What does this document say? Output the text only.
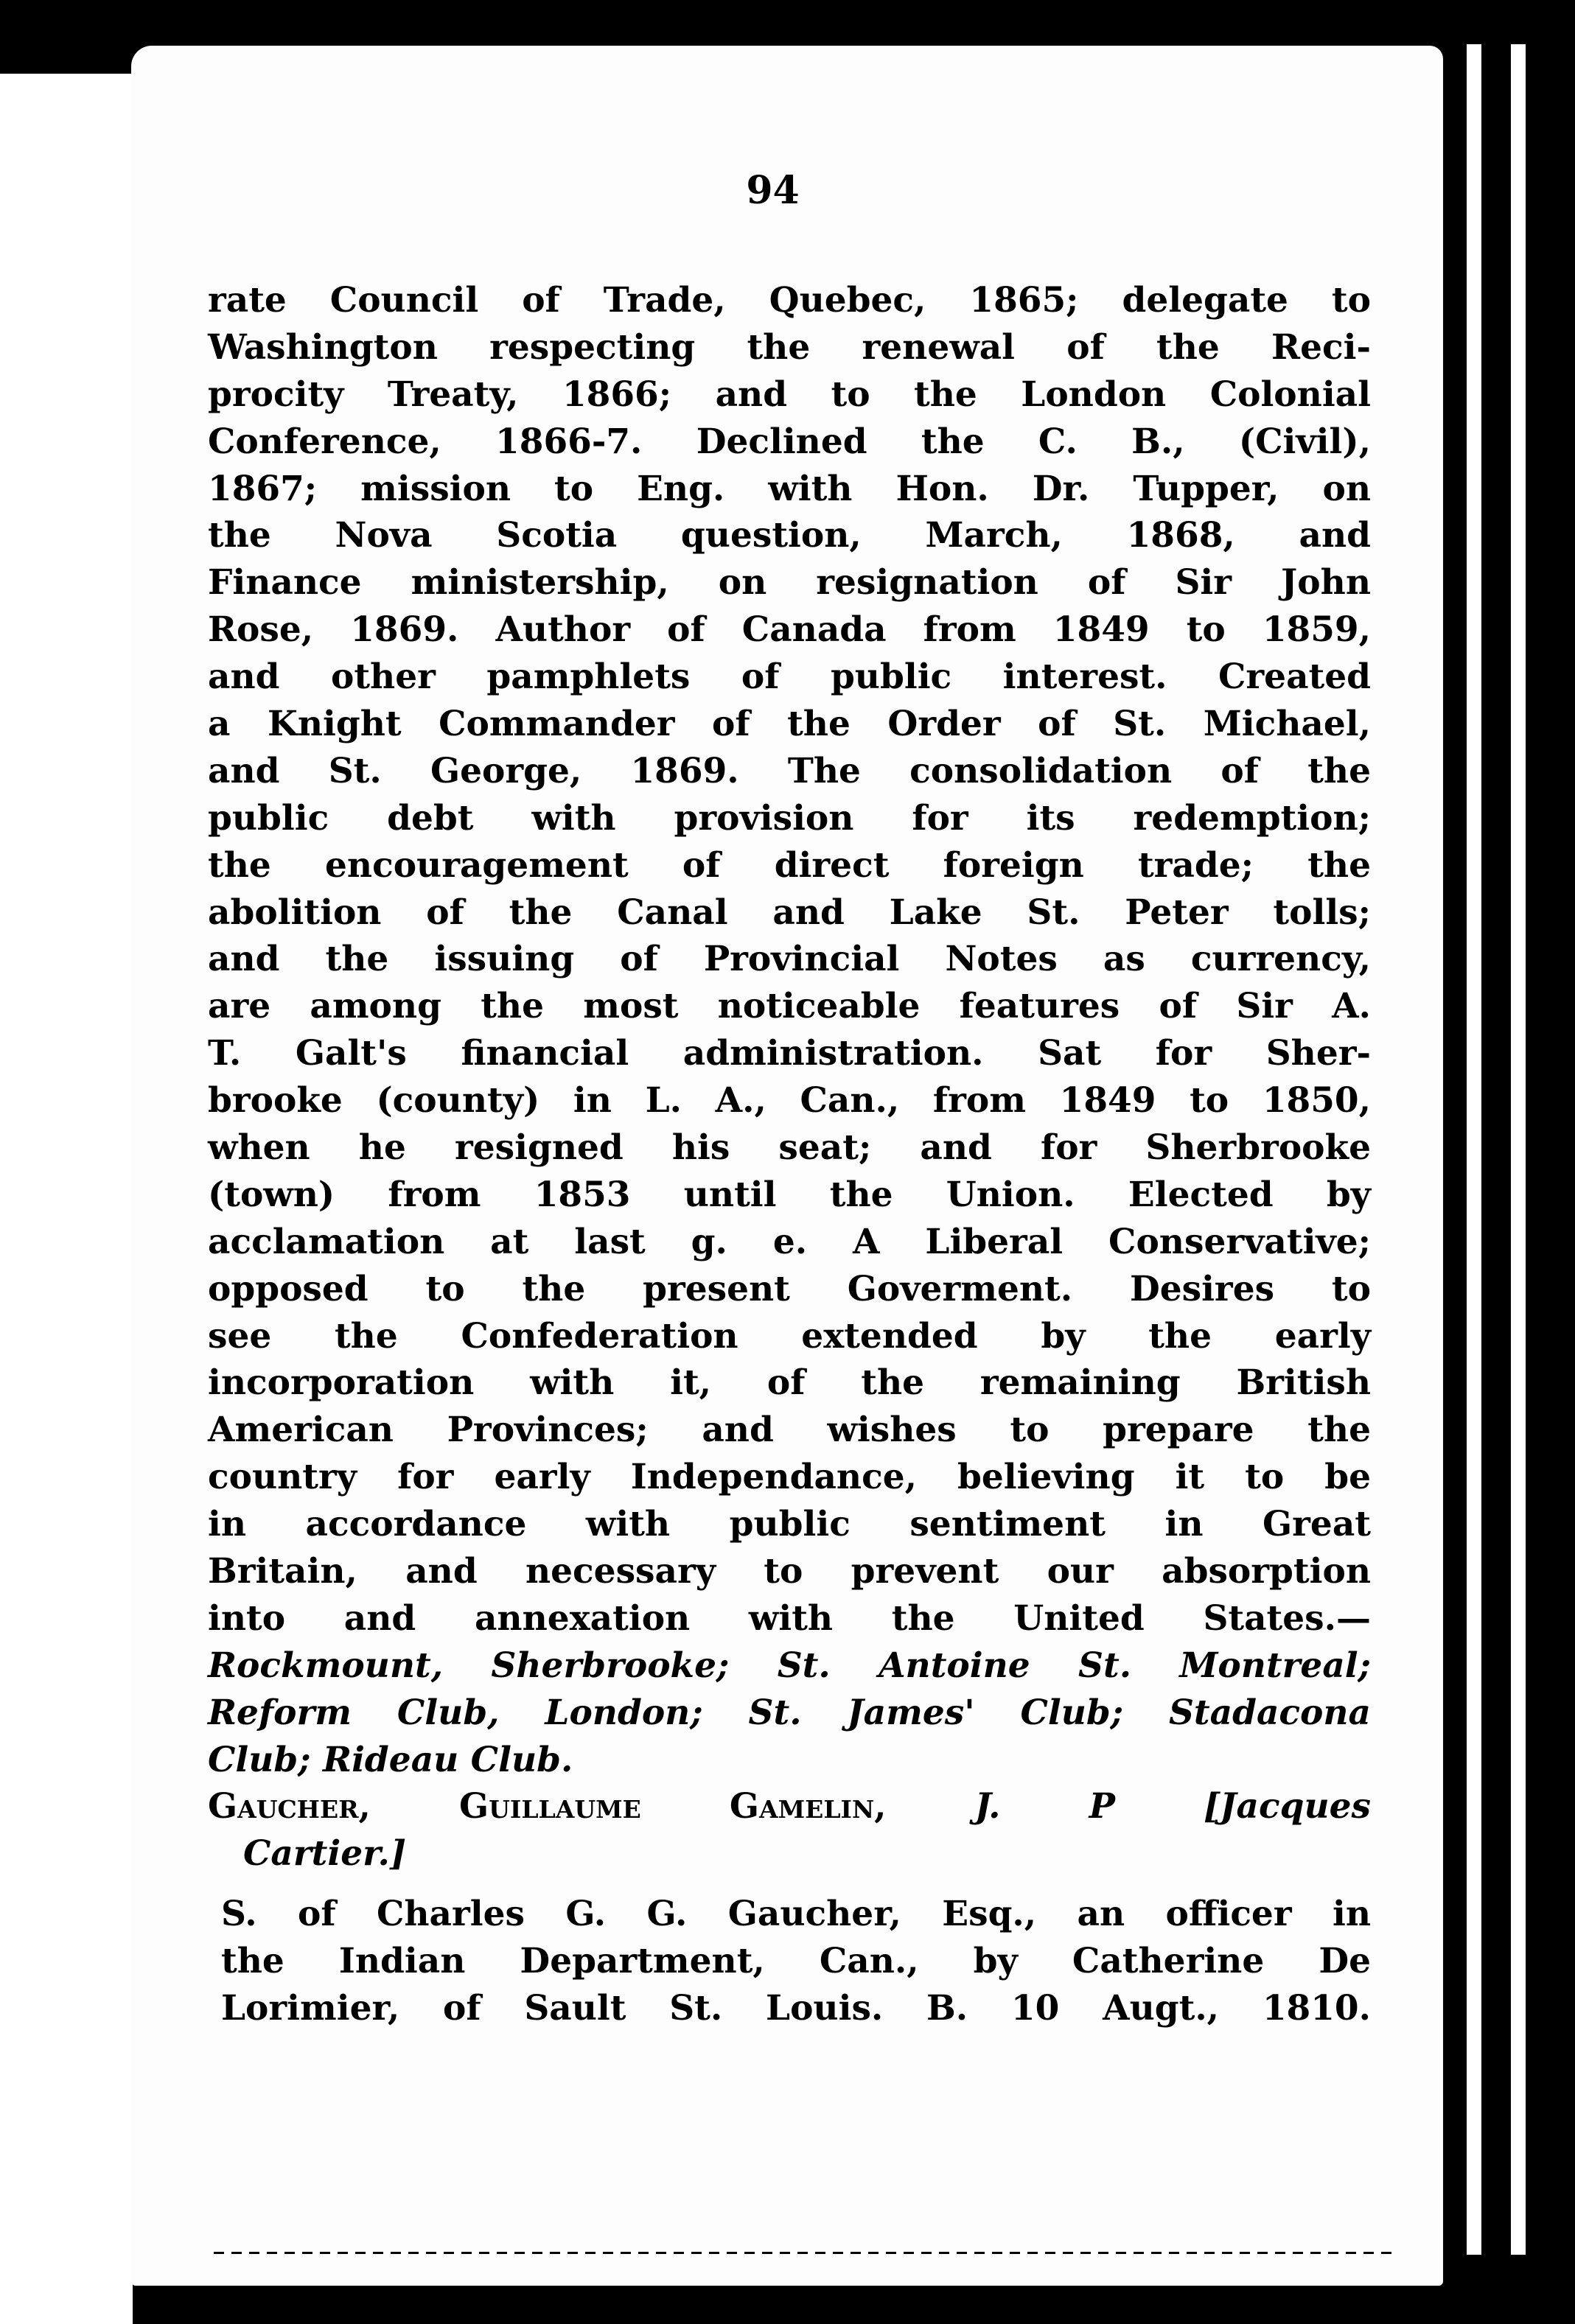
94
rate Council of Trade, Quebec, 1865; delegate to
Washington respecting the renewal of the Reci-
procity Treaty, 1866; and to the London Colonial
Conference, 1866-7. Declined the C. B., (Civil),
1867; mission to Eng. with Hon. Dr. Tupper, on
the Nova Scotia question, March, 1868, and
Finance ministership, on resignation of Sir John
Rose, 1869. Author of Canada from 1849 to 1859,
and other pamphlets of public interest. Created
a Knight Commander of the Order of St. Michael,
and St. George, 1869. The consolidation of the
public debt with provision for its redemption;
the encouragement of direct foreign trade; the
abolition of the Canal and Lake St. Peter tolls;
and the issuing of Provincial Notes as currency,
are among the most noticeable features of Sir A.
T. Galt's financial administration. Sat for Sher-
brooke (county) in L. A., Can., from 1849 to 1850,
when he resigned his seat; and for Sherbrooke
(town) from 1853 until the Union. Elected by
acclamation at last g. e. A Liberal Conservative;
opposed to the present Goverment. Desires to
see the Confederation extended by the early
incorporation with it, of the remaining British
American Provinces; and wishes to prepare the
country for early Independance, believing it to be
in accordance with public sentiment in Great
Britain, and necessary to prevent our absorption
into and annexation with the United States.—
Rockmount, Sherbrooke; St. Antoine St. Montreal;
Reform Club, London; St. James' Club; Stadacona
Club; Rideau Club.
Gaucher, Guillaume Gamelin,	J. P	[Jacques
Cartier.]
S. of Charles G. G. Gaucher, Esq., an officer in
the Indian Department, Can., by Catherine De
Lorimier, of Sault St. Louis. B. 10 Augt., 1810.
